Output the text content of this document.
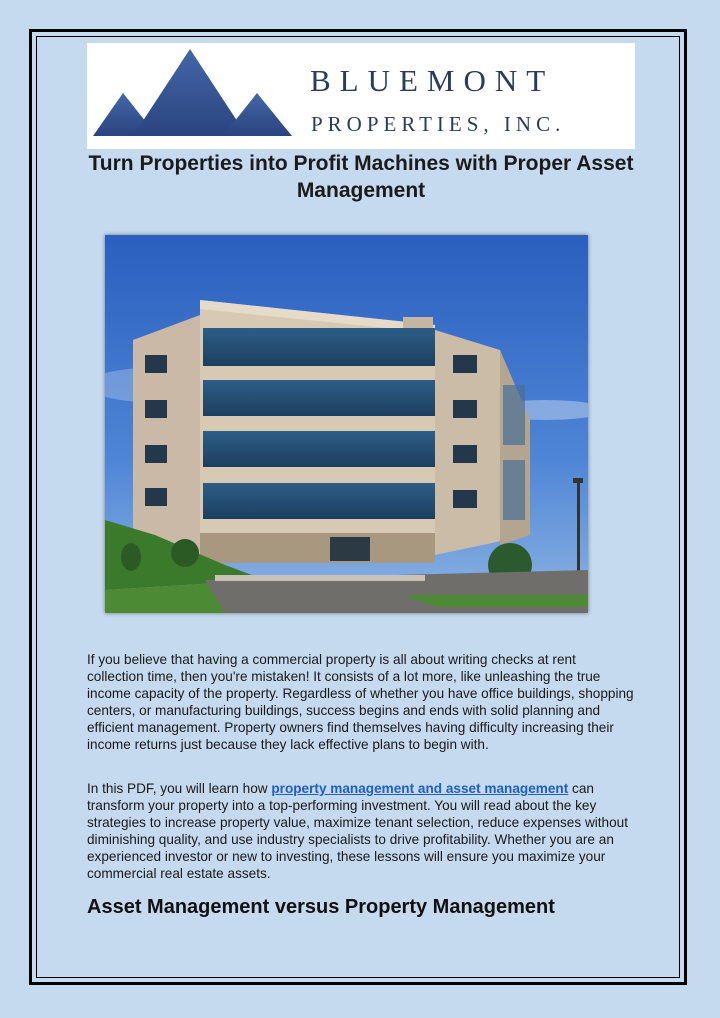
BLUEMONT
PROPERTIES, INC.
Turn Properties into Profit Machines with Proper Asset Management

If you believe that having a commercial property is all about writing checks at rent collection time, then you're mistaken! It consists of a lot more, like unleashing the true income capacity of the property. Regardless of whether you have office buildings, shopping centers, or manufacturing buildings, success begins and ends with solid planning and efficient management. Property owners find themselves having difficulty increasing their income returns just because they lack effective plans to begin with.

In this PDF, you will learn how property management and asset management can transform your property into a top-performing investment. You will read about the key strategies to increase property value, maximize tenant selection, reduce expenses without diminishing quality, and use industry specialists to drive profitability. Whether you are an experienced investor or new to investing, these lessons will ensure you maximize your commercial real estate assets.

Asset Management versus Property Management
